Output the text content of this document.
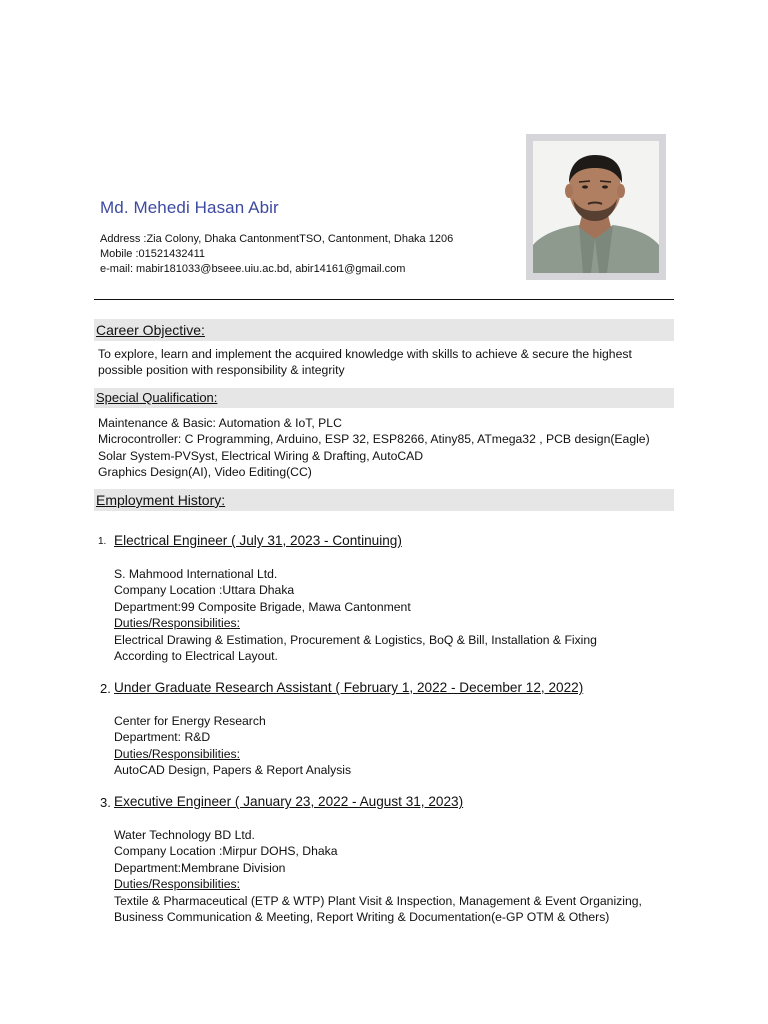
Md. Mehedi Hasan Abir
Address :Zia Colony, Dhaka CantonmentTSO, Cantonment, Dhaka 1206
Mobile :01521432411
e-mail: mabir181033@bseee.uiu.ac.bd, abir14161@gmail.com
Career Objective:
To explore, learn and implement the acquired knowledge with skills to achieve & secure the highest
possible position with responsibility & integrity
Special Qualification:
Maintenance & Basic: Automation & IoT, PLC
Microcontroller: C Programming, Arduino, ESP 32, ESP8266, Atiny85, ATmega32 , PCB design(Eagle)
Solar System-PVSyst, Electrical Wiring & Drafting, AutoCAD
Graphics Design(AI), Video Editing(CC)
Employment History:
1. Electrical Engineer ( July 31, 2023 - Continuing)
S. Mahmood International Ltd.
Company Location :Uttara Dhaka
Department:99 Composite Brigade, Mawa Cantonment
Duties/Responsibilities:
Electrical Drawing & Estimation, Procurement & Logistics, BoQ & Bill, Installation & Fixing
According to Electrical Layout.
2. Under Graduate Research Assistant ( February 1, 2022 - December 12, 2022)
Center for Energy Research
Department: R&D
Duties/Responsibilities:
AutoCAD Design, Papers & Report Analysis
3. Executive Engineer ( January 23, 2022 - August 31, 2023)
Water Technology BD Ltd.
Company Location :Mirpur DOHS, Dhaka
Department:Membrane Division
Duties/Responsibilities:
Textile & Pharmaceutical (ETP & WTP) Plant Visit & Inspection, Management & Event Organizing,
Business Communication & Meeting, Report Writing & Documentation(e-GP OTM & Others)
